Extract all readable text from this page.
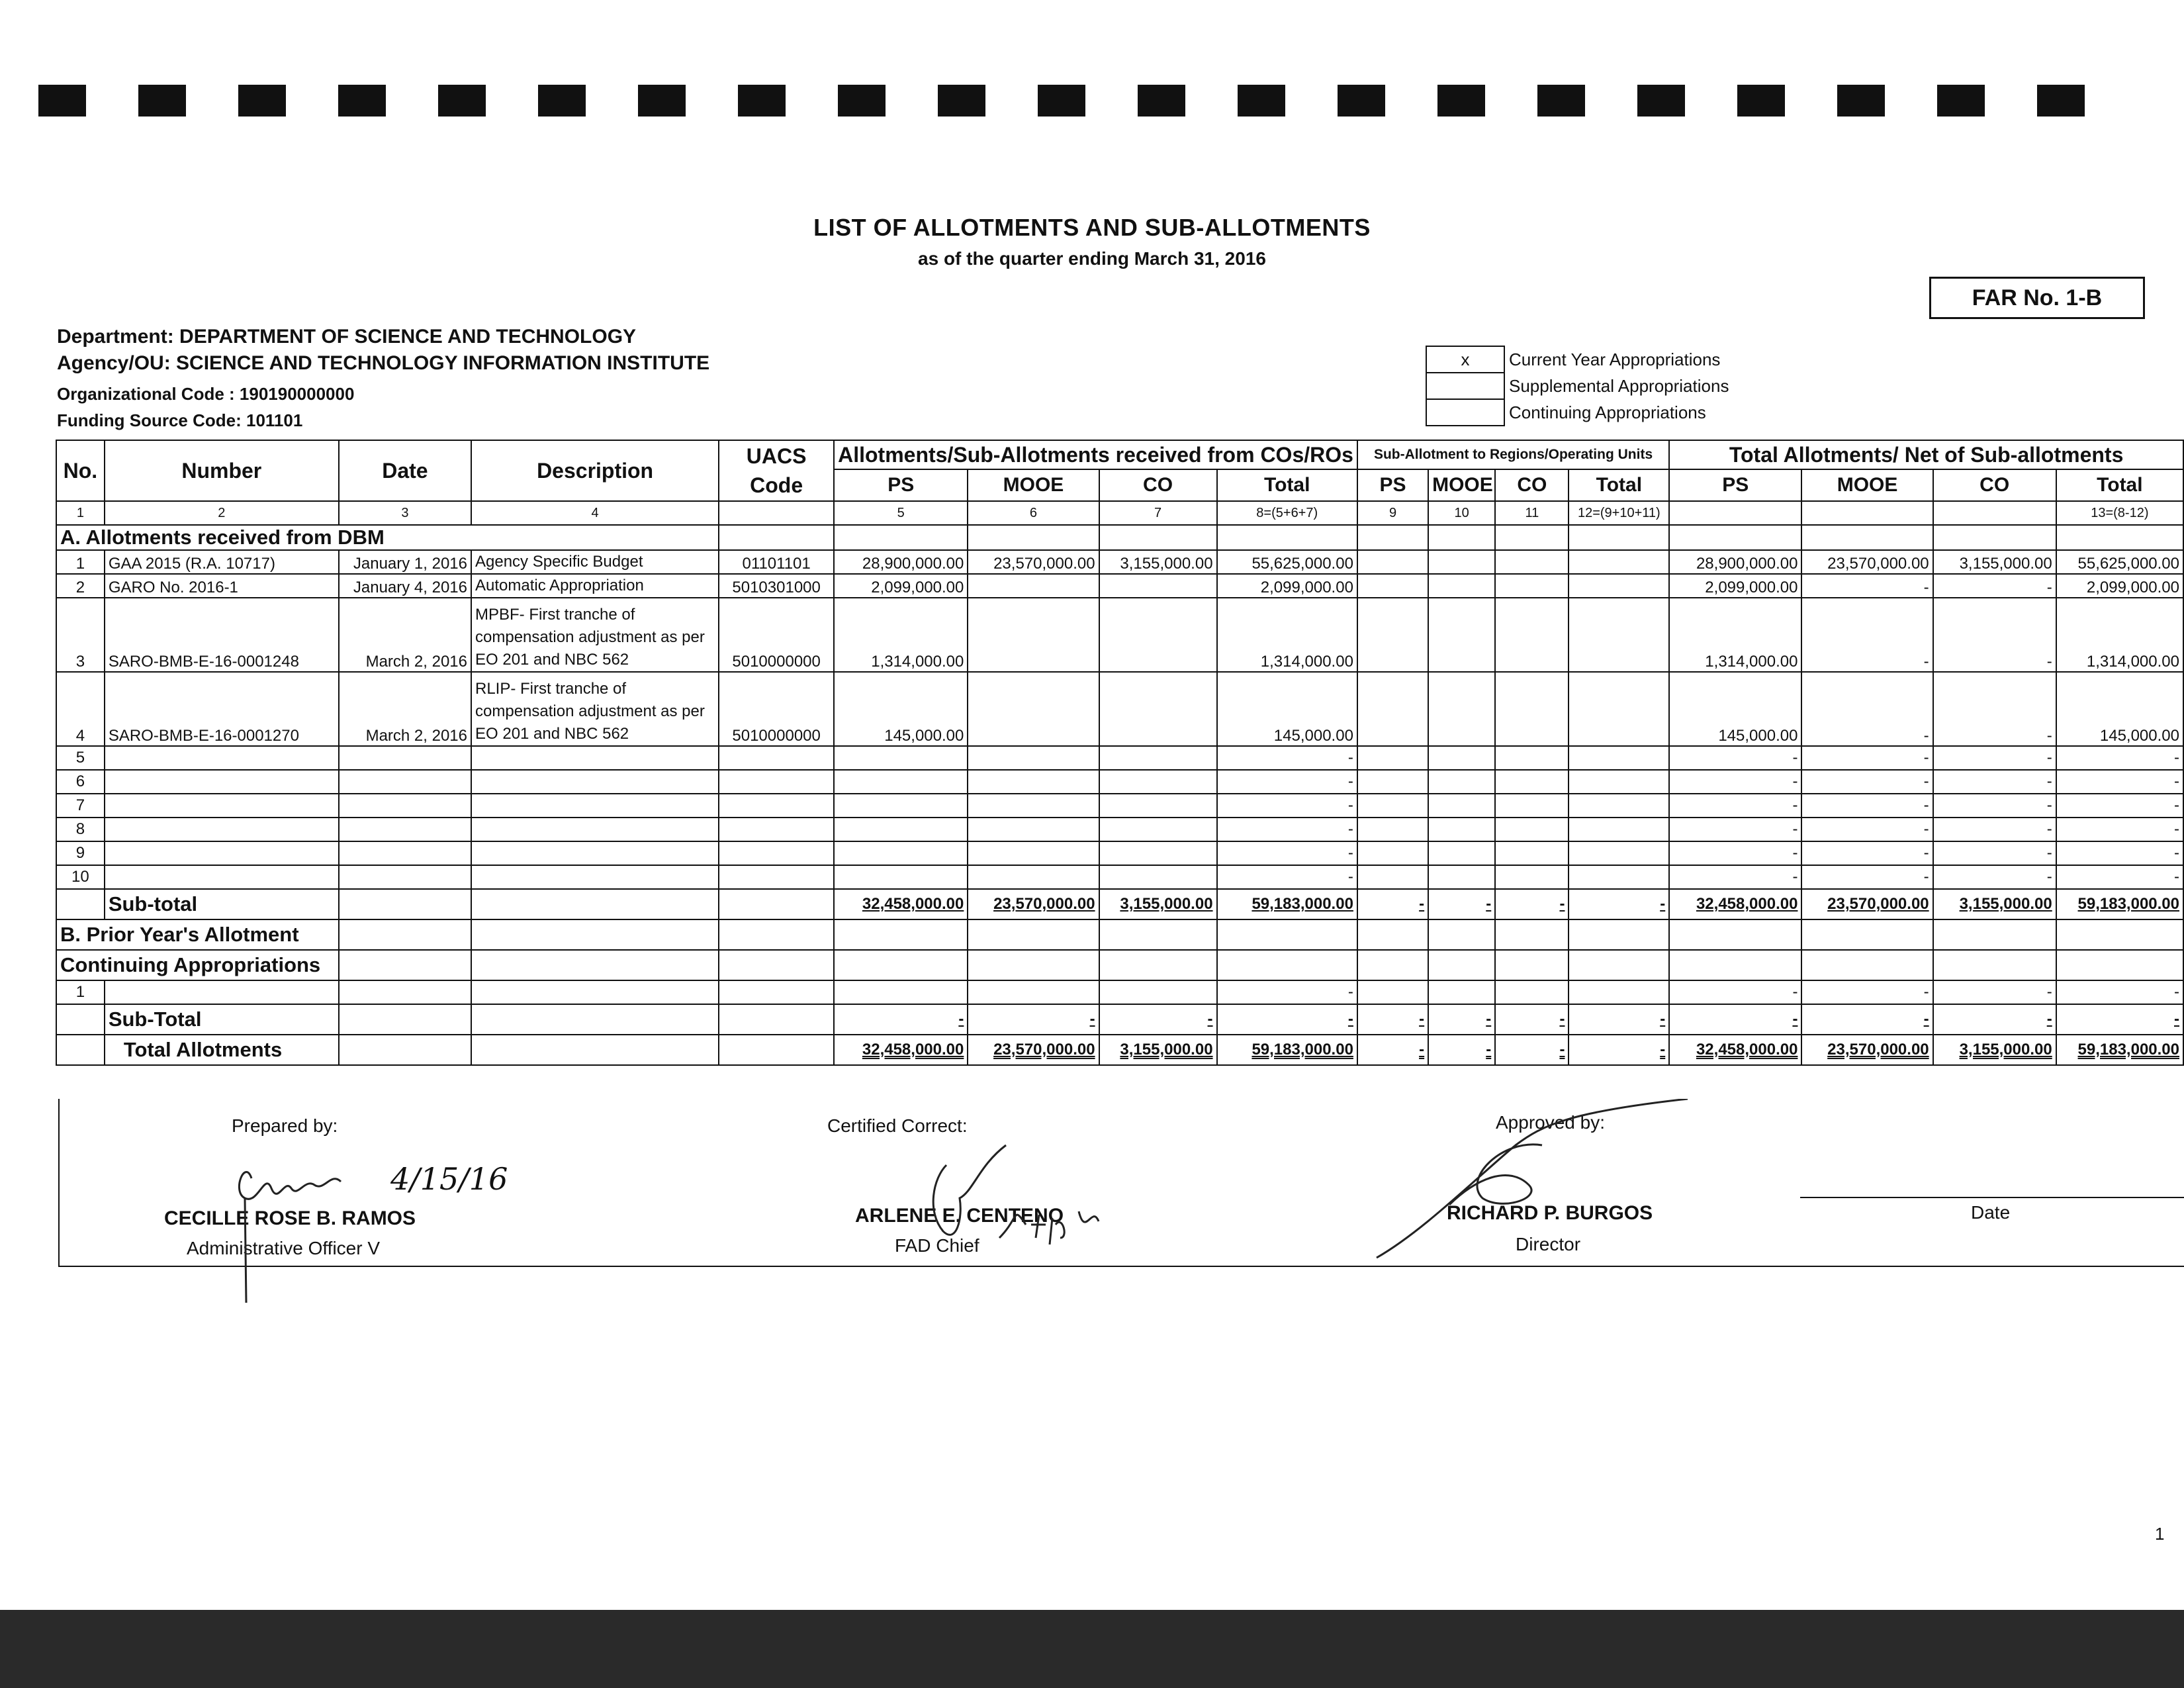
LIST OF ALLOTMENTS AND SUB-ALLOTMENTS
as of the quarter ending March 31, 2016
FAR No. 1-B
Department: DEPARTMENT OF SCIENCE AND TECHNOLOGY
Agency/OU: SCIENCE AND TECHNOLOGY INFORMATION INSTITUTE
Organizational Code : 190190000000
Funding Source Code: 101101
x	Current Year Appropriations
	Supplemental Appropriations
	Continuing Appropriations
No.	Number	Date	Description	UACS Code	Allotments/Sub-Allotments received from COs/ROs				Sub-Allotment to Regions/Operating Units				Total Allotments/ Net of Sub-allotments			
					PS	MOOE	CO	Total	PS	MOOE	CO	Total	PS	MOOE	CO	Total
1	2	3	4		5	6	7	8=(5+6+7)	9	10	11	12=(9+10+11)				13=(8-12)
A. Allotments received from DBM																
1	GAA 2015 (R.A. 10717)	January 1, 2016	Agency Specific Budget	01101101	28,900,000.00	23,570,000.00	3,155,000.00	55,625,000.00					28,900,000.00	23,570,000.00	3,155,000.00	55,625,000.00
2	GARO No. 2016-1	January 4, 2016	Automatic Appropriation	5010301000	2,099,000.00			2,099,000.00					2,099,000.00	-	-	2,099,000.00
3	SARO-BMB-E-16-0001248	March 2, 2016	MPBF- First tranche of compensation adjustment as per EO 201 and NBC 562	5010000000	1,314,000.00			1,314,000.00					1,314,000.00	-	-	1,314,000.00
4	SARO-BMB-E-16-0001270	March 2, 2016	RLIP- First tranche of compensation adjustment as per EO 201 and NBC 562	5010000000	145,000.00			145,000.00					145,000.00	-	-	145,000.00
5								-					-	-	-	-
6								-					-	-	-	-
7								-					-	-	-	-
8								-					-	-	-	-
9								-					-	-	-	-
10								-					-	-	-	-
	Sub-total				32,458,000.00	23,570,000.00	3,155,000.00	59,183,000.00	-	-	-	-	32,458,000.00	23,570,000.00	3,155,000.00	59,183,000.00
B. Prior Year's Allotment																
Continuing Appropriations																
1								-					-	-	-	-
	Sub-Total				-	-	-	-	-	-	-	-	-	-	-	-
	Total Allotments				32,458,000.00	23,570,000.00	3,155,000.00	59,183,000.00	-	-	-	-	32,458,000.00	23,570,000.00	3,155,000.00	59,183,000.00
Prepared by:
CECILLE ROSE B. RAMOS
Administrative Officer V
4/15/16
Certified Correct:
ARLENE E. CENTENO
FAD Chief
Approved by:
RICHARD P. BURGOS
Director
Date
1
